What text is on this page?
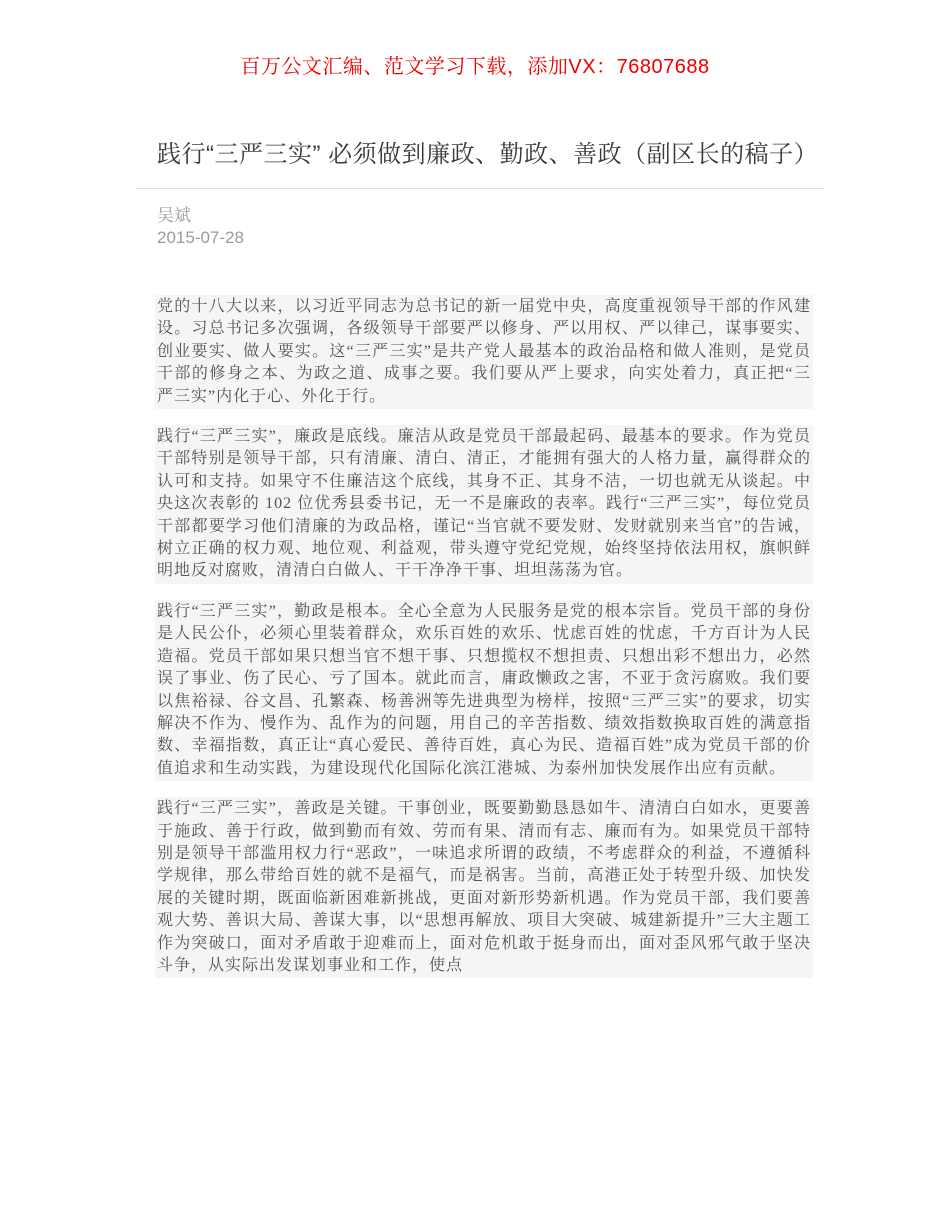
百万公文汇编、范文学习下载，添加VX：76807688
践行“三严三实” 必须做到廉政、勤政、善政（副区长的稿子）
吴斌
2015-07-28

党的十八大以来，以习近平同志为总书记的新一届党中央，高度重视领导干部的作风建设。习总书记多次强调，各级领导干部要严以修身、严以用权、严以律己，谋事要实、创业要实、做人要实。这“三严三实”是共产党人最基本的政治品格和做人准则，是党员干部的修身之本、为政之道、成事之要。我们要从严上要求，向实处着力，真正把“三严三实”内化于心、外化于行。

践行“三严三实”，廉政是底线。廉洁从政是党员干部最起码、最基本的要求。作为党员干部特别是领导干部，只有清廉、清白、清正，才能拥有强大的人格力量，赢得群众的认可和支持。如果守不住廉洁这个底线，其身不正、其身不洁，一切也就无从谈起。中央这次表彰的 102 位优秀县委书记，无一不是廉政的表率。践行“三严三实”，每位党员干部都要学习他们清廉的为政品格，谨记“当官就不要发财、发财就别来当官”的告诫，树立正确的权力观、地位观、利益观，带头遵守党纪党规，始终坚持依法用权，旗帜鲜明地反对腐败，清清白白做人、干干净净干事、坦坦荡荡为官。

践行“三严三实”，勤政是根本。全心全意为人民服务是党的根本宗旨。党员干部的身份是人民公仆，必须心里装着群众，欢乐百姓的欢乐、忧虑百姓的忧虑，千方百计为人民造福。党员干部如果只想当官不想干事、只想揽权不想担责、只想出彩不想出力，必然误了事业、伤了民心、亏了国本。就此而言，庸政懒政之害，不亚于贪污腐败。我们要以焦裕禄、谷文昌、孔繁森、杨善洲等先进典型为榜样，按照“三严三实”的要求，切实解决不作为、慢作为、乱作为的问题，用自己的辛苦指数、绩效指数换取百姓的满意指数、幸福指数，真正让“真心爱民、善待百姓，真心为民、造福百姓”成为党员干部的价值追求和生动实践，为建设现代化国际化滨江港城、为泰州加快发展作出应有贡献。

践行“三严三实”，善政是关键。干事创业，既要勤勤恳恳如牛、清清白白如水，更要善于施政、善于行政，做到勤而有效、劳而有果、清而有志、廉而有为。如果党员干部特别是领导干部滥用权力行“恶政”，一味追求所谓的政绩，不考虑群众的利益，不遵循科学规律，那么带给百姓的就不是福气，而是祸害。当前，高港正处于转型升级、加快发展的关键时期，既面临新困难新挑战，更面对新形势新机遇。作为党员干部，我们要善观大势、善识大局、善谋大事，以“思想再解放、项目大突破、城建新提升”三大主题工作为突破口，面对矛盾敢于迎难而上，面对危机敢于挺身而出，面对歪风邪气敢于坚决斗争，从实际出发谋划事业和工作，使点
